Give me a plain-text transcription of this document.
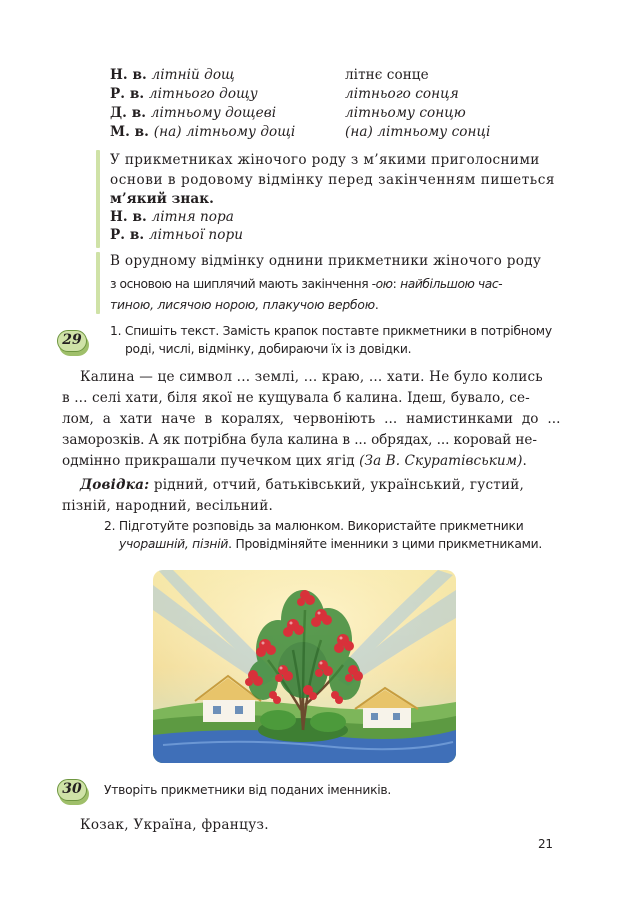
Н. в. літній дощ	літнє сонце
Р. в. літнього дощу	літнього сонця
Д. в. літньому дощеві	літньому сонцю
М. в. (на) літньому дощі	(на) літньому сонці
У прикметниках жіночого роду з м’якими приголосними
основи в родовому відмінку перед закінченням пишеться
м’який знак.
Н. в. літня пора
Р. в. літньої пори
В орудному відмінку однини прикметники жіночого роду
з основою на шиплячий мають закінчення -ою: найбільшою час-
тиною, лисячою норою, плакучою вербою.
29
1. Спишіть текст. Замість крапок поставте прикметники в потрібному
роді, числі, відмінку, добираючи їх із довідки.
Калина — це символ ... землі, ... краю, ... хати. Не було колись
в ... селі хати, біля якої не кущувала б калина. Ідеш, бувало, се-
лом, а хати наче в коралях, червоніють ... намистинками до ...
заморозків. А як потрібна була калина в ... обрядах, ... коровай не-
одмінно прикрашали пучечком цих ягід (За В. Скуратівським).
Довідка: рідний, отчий, батьківський, український, густий,
пізній, народний, весільний.
2. Підготуйте розповідь за малюнком. Використайте прикметники
учорашній, пізній. Провідміняйте іменники з цими прикметниками.
30	Утворіть прикметники від поданих іменників.
Козак, Україна, француз.
21
